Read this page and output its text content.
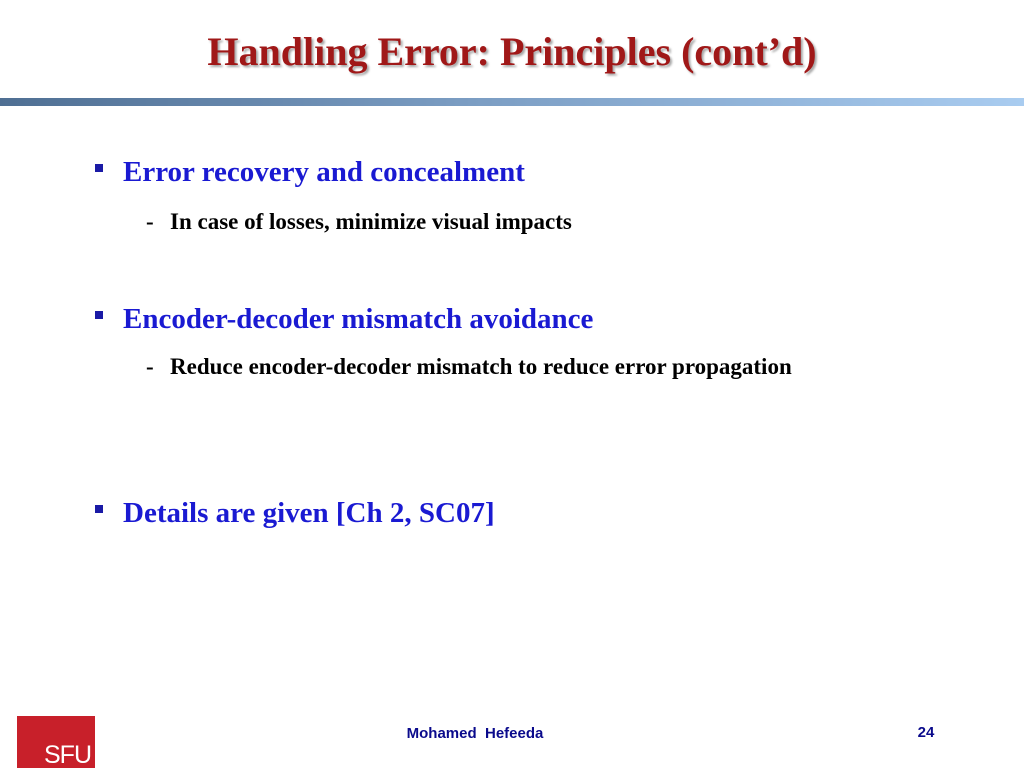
Handling Error: Principles (cont’d)
Error recovery and concealment
- In case of losses, minimize visual impacts
Encoder-decoder mismatch avoidance
- Reduce encoder-decoder mismatch to reduce error propagation
Details are given [Ch 2, SC07]
SFU
Mohamed  Hefeeda	24
